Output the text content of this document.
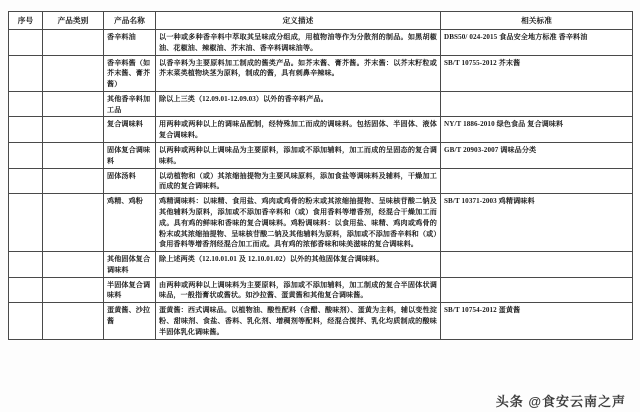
序号	产品类别	产品名称	定义描述	相关标准
		香辛料油	以一种或多种香辛料中萃取其呈味成分组成，用植物油等作为分散剂的制品。如黑胡椒油、花椒油、辣椒油、芥末油、香辛料调味油等。	DBS50/ 024-2015 食品安全地方标准 香辛料油
		香辛料酱（如芥末酱、膏芥酱）	以香辛料为主要原料加工制成的酱类产品。如芥末酱、膏芥酱。芥末酱：以芥末籽粒或芥末菜类植物块茎为原料，制成的酱，具有刺鼻辛辣味。	SB/T 10755-2012 芥末酱
		其他香辛料加工品	除以上三类（12.09.01-12.09.03）以外的香辛料产品。	
		复合调味料	用两种或两种以上的调味品配制，经特殊加工而成的调味料。包括固体、半固体、液体复合调味料。	NY/T 1886-2010 绿色食品 复合调味料
		固体复合调味料	以两种或两种以上调味品为主要原料，添加或不添加辅料，加工而成的呈固态的复合调味料。	GB/T 20903-2007 调味品分类
		固体汤料	以动植物和（或）其浓缩抽提物为主要风味原料，添加食盐等调味料及辅料，干燥加工而成的复合调味料。	
		鸡精、鸡粉	鸡精调味料：以味精、食用盐、鸡肉或鸡骨的粉末或其浓缩抽提物、呈味核苷酸二钠及其他辅料为原料，添加或不添加香辛料和（或）食用香料等增香剂，经混合干燥加工而成。具有鸡的鲜味和香味的复合调味料。鸡粉调味料：以食用盐、味精、鸡肉或鸡骨的粉末或其浓缩抽提物、呈味核苷酸二钠及其他辅料为原料，添加或不添加香辛料和（或）食用香料等增香剂经混合加工而成。具有鸡的浓郁香味和味美滋味的复合调味料。	SB/T 10371-2003 鸡精调味料
		其他固体复合调味料	除上述两类（12.10.01.01 及 12.10.01.02）以外的其他固体复合调味料。	
		半固体复合调味料	由两种或两种以上调味料为主要原料，添加或不添加辅料，加工制成的复合半固体状调味品，一般指膏状或酱状。如沙拉酱、蛋黄酱和其他复合调味酱。	
		蛋黄酱、沙拉酱	蛋黄酱：西式调味品。以植物油、酸性配料（含醋、酸味剂）、蛋黄为主料，辅以变性淀粉、甜味剂、食盐、香料、乳化剂、增稠剂等配料，经混合搅拌、乳化均质制成的酸味半固体乳化调味酱。	SB/T 10754-2012 蛋黄酱
头条 @食安云南之声
